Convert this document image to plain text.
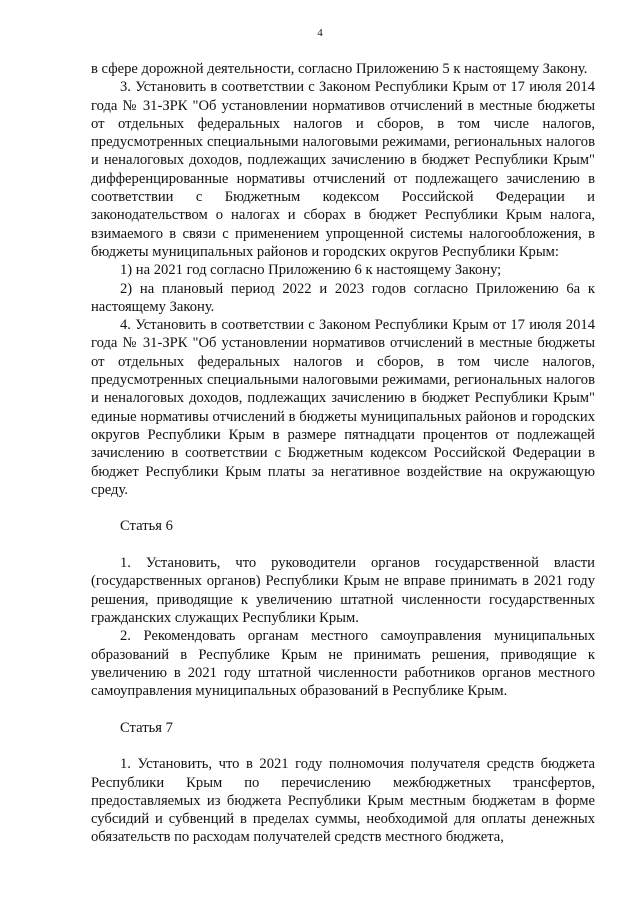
4

в сфере дорожной деятельности, согласно Приложению 5 к настоящему Закону.

3. Установить в соответствии с Законом Республики Крым от 17 июля 2014 года № 31-ЗРК "Об установлении нормативов отчислений в местные бюджеты от отдельных федеральных налогов и сборов, в том числе налогов, предусмотренных специальными налоговыми режимами, региональных налогов и неналоговых доходов, подлежащих зачислению в бюджет Республики Крым" дифференцированные нормативы отчислений от подлежащего зачислению в соответствии с Бюджетным кодексом Российской Федерации и законодательством о налогах и сборах в бюджет Республики Крым налога, взимаемого в связи с применением упрощенной системы налогообложения, в бюджеты муниципальных районов и городских округов Республики Крым:

1) на 2021 год согласно Приложению 6 к настоящему Закону;

2) на плановый период 2022 и 2023 годов согласно Приложению 6а к настоящему Закону.

4. Установить в соответствии с Законом Республики Крым от 17 июля 2014 года № 31-ЗРК "Об установлении нормативов отчислений в местные бюджеты от отдельных федеральных налогов и сборов, в том числе налогов, предусмотренных специальными налоговыми режимами, региональных налогов и неналоговых доходов, подлежащих зачислению в бюджет Республики Крым" единые нормативы отчислений в бюджеты муниципальных районов и городских округов Республики Крым в размере пятнадцати процентов от подлежащей зачислению в соответствии с Бюджетным кодексом Российской Федерации в бюджет Республики Крым платы за негативное воздействие на окружающую среду.

Статья 6

1. Установить, что руководители органов государственной власти (государственных органов) Республики Крым не вправе принимать в 2021 году решения, приводящие к увеличению штатной численности государственных гражданских служащих Республики Крым.

2. Рекомендовать органам местного самоуправления муниципальных образований в Республике Крым не принимать решения, приводящие к увеличению в 2021 году штатной численности работников органов местного самоуправления муниципальных образований в Республике Крым.

Статья 7

1. Установить, что в 2021 году полномочия получателя средств бюджета Республики Крым по перечислению межбюджетных трансфертов, предоставляемых из бюджета Республики Крым местным бюджетам в форме субсидий и субвенций в пределах суммы, необходимой для оплаты денежных обязательств по расходам получателей средств местного бюджета,
